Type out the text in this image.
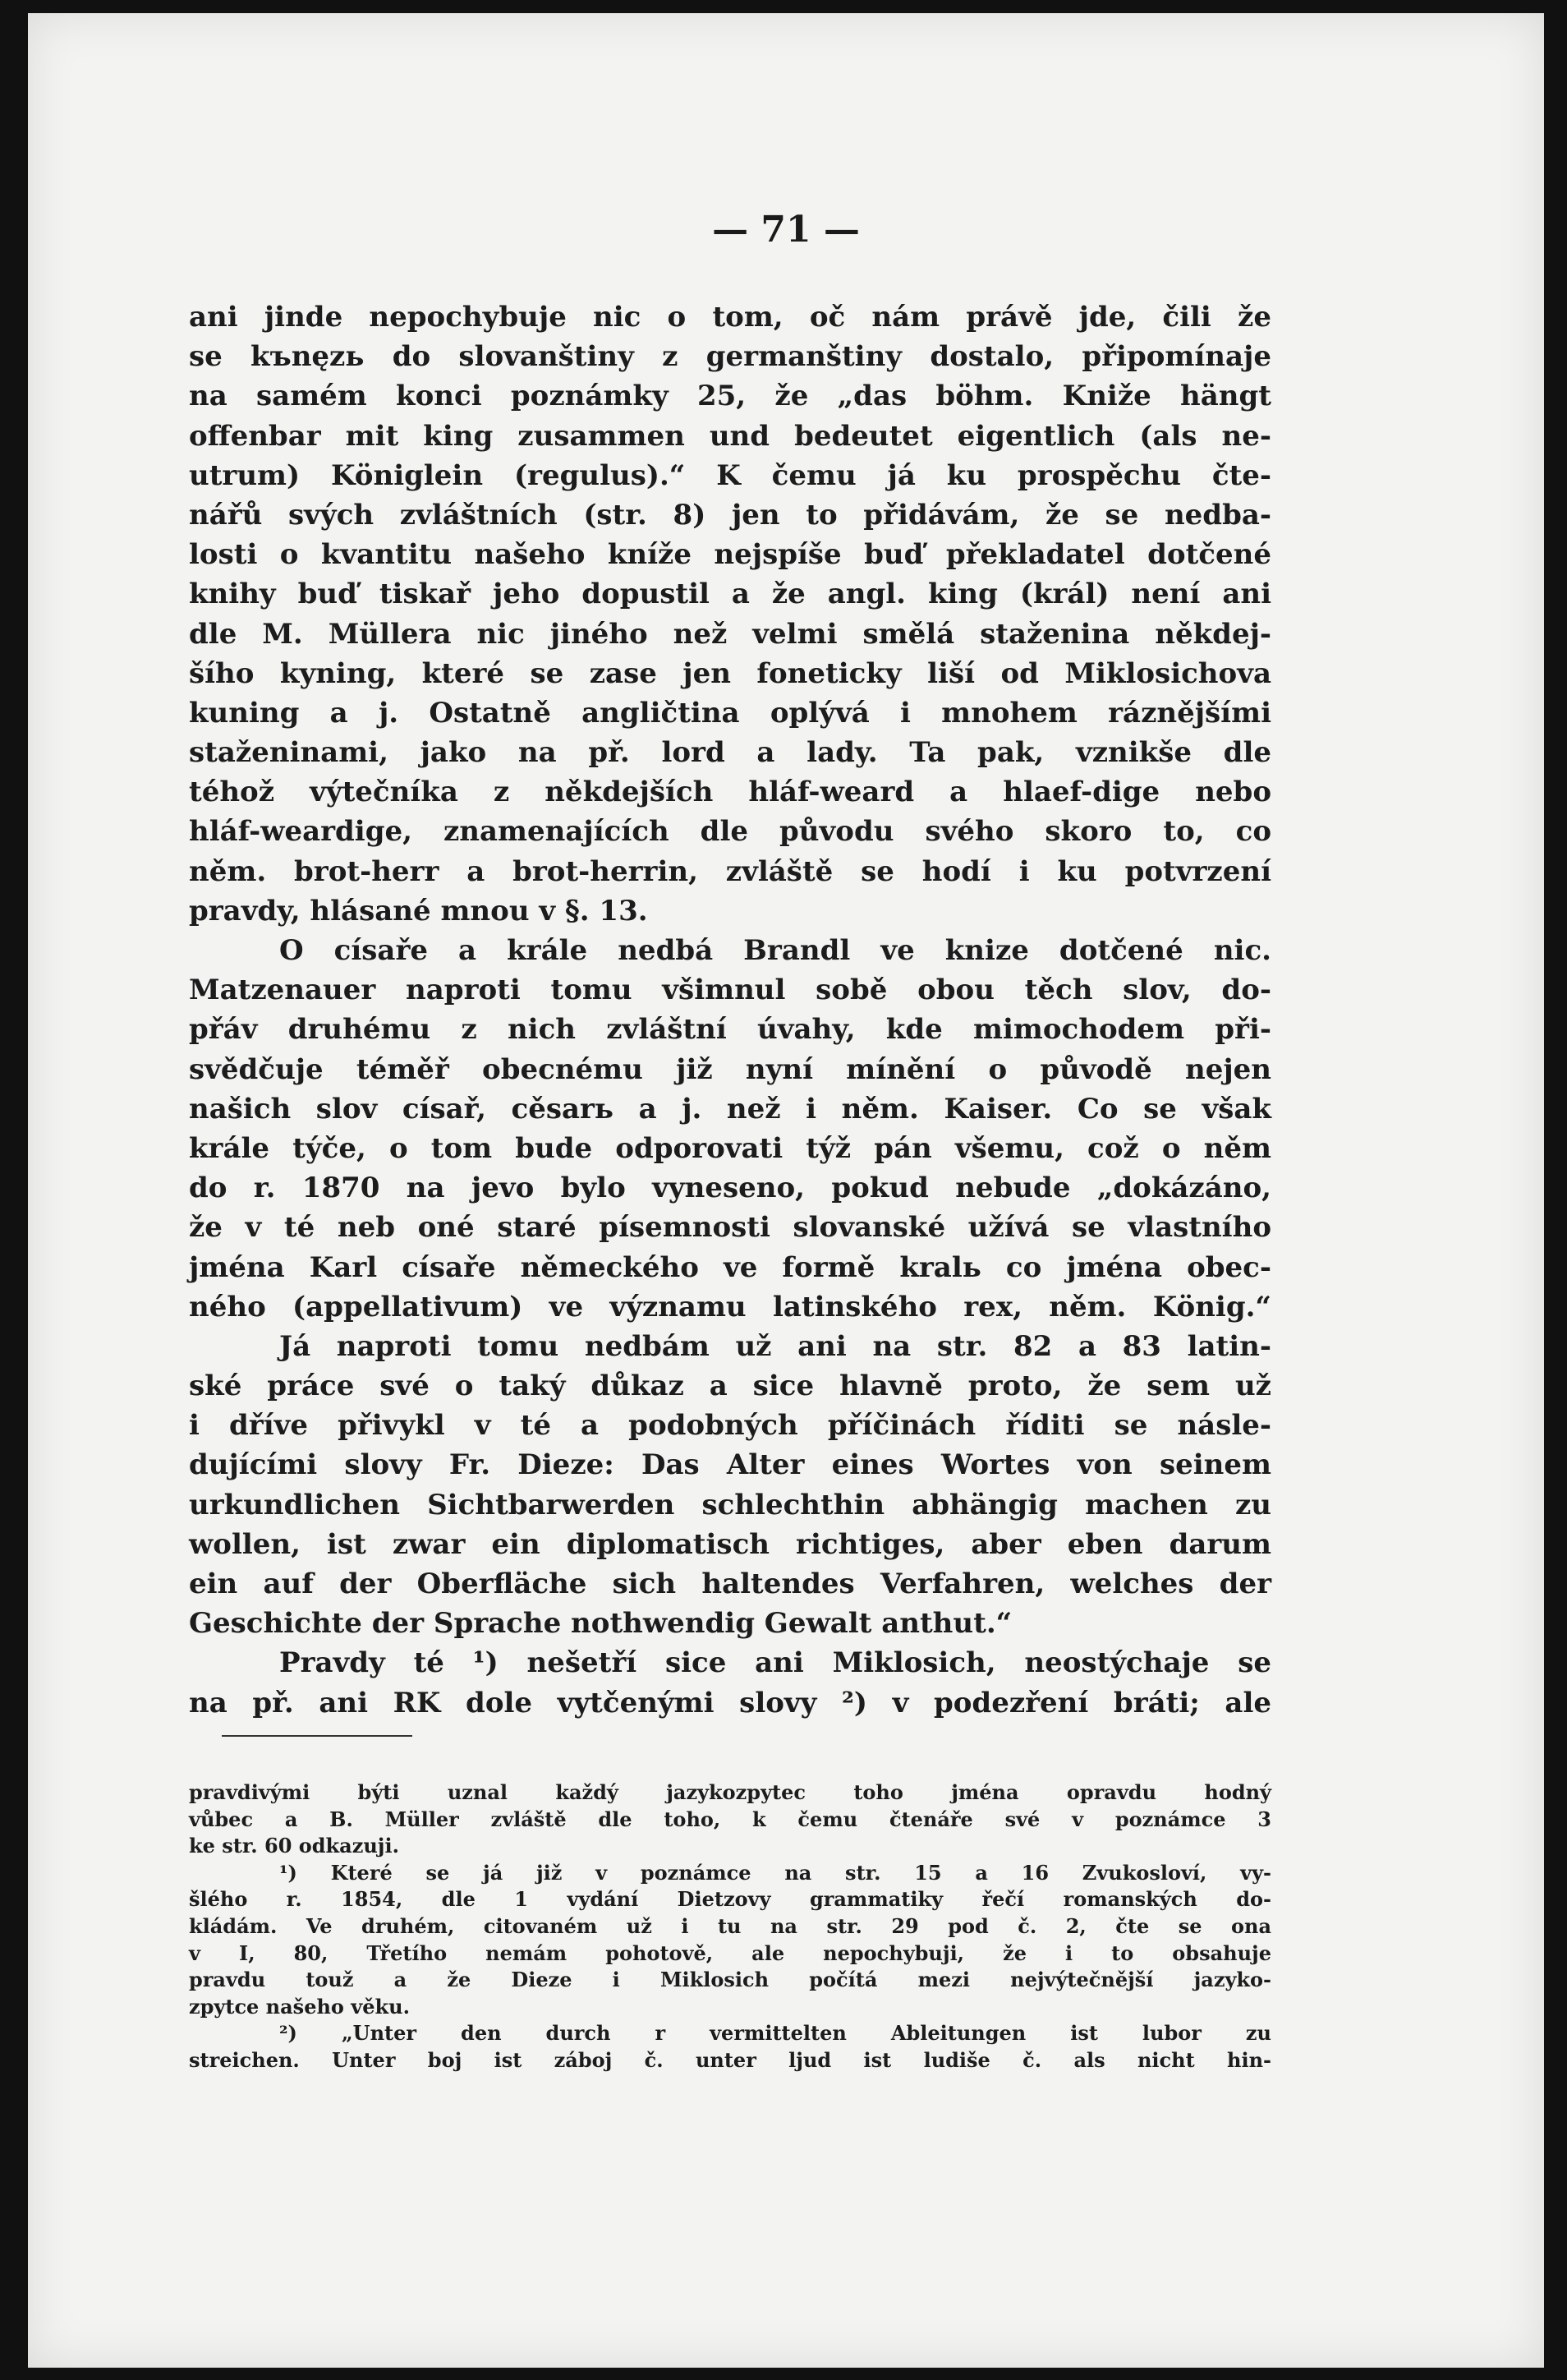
— 71 —
ani jinde nepochybuje nic o tom, oč nám právě jde, čili že
se kъnęzь do slovanštiny z germanštiny dostalo, připomínaje
na samém konci poznámky 25, že „das böhm. Kniže hängt
offenbar mit king zusammen und bedeutet eigentlich (als ne-
utrum) Königlein (regulus).“ K čemu já ku prospěchu čte-
nářů svých zvláštních (str. 8) jen to přidávám, že se nedba-
losti o kvantitu našeho kníže nejspíše buď překladatel dotčené
knihy buď tiskař jeho dopustil a že angl. king (král) není ani
dle M. Müllera nic jiného než velmi smělá staženina někdej-
šího kyning, které se zase jen foneticky liší od Miklosichova
kuning a j. Ostatně angličtina oplývá i mnohem ráznějšími
staženinami, jako na př. lord a lady. Ta pak, vznikše dle
téhož výtečníka z někdejších hláf-weard a hlaef-dige nebo
hláf-weardige, znamenajících dle původu svého skoro to, co
něm. brot-herr a brot-herrin, zvláště se hodí i ku potvrzení
pravdy, hlásané mnou v §. 13.
O císaře a krále nedbá Brandl ve knize dotčené nic.
Matzenauer naproti tomu všimnul sobě obou těch slov, do-
přáv druhému z nich zvláštní úvahy, kde mimochodem při-
svědčuje téměř obecnému již nyní mínění o původě nejen
našich slov císař, cěsarь a j. než i něm. Kaiser. Co se však
krále týče, o tom bude odporovati týž pán všemu, což o něm
do r. 1870 na jevo bylo vyneseno, pokud nebude „dokázáno,
že v té neb oné staré písemnosti slovanské užívá se vlastního
jména Karl císaře německého ve formě kralь co jména obec-
ného (appellativum) ve významu latinského rex, něm. König.“
Já naproti tomu nedbám už ani na str. 82 a 83 latin-
ské práce své o taký důkaz a sice hlavně proto, že sem už
i dříve přivykl v té a podobných příčinách říditi se násle-
dujícími slovy Fr. Dieze: Das Alter eines Wortes von seinem
urkundlichen Sichtbarwerden schlechthin abhängig machen zu
wollen, ist zwar ein diplomatisch richtiges, aber eben darum
ein auf der Oberfläche sich haltendes Verfahren, welches der
Geschichte der Sprache nothwendig Gewalt anthut.“
Pravdy té ¹) nešetří sice ani Miklosich, neostýchaje se
na př. ani RK dole vytčenými slovy ²) v podezření bráti; ale
pravdivými býti uznal každý jazykozpytec toho jména opravdu hodný
vůbec a B. Müller zvláště dle toho, k čemu čtenáře své v poznámce 3
ke str. 60 odkazuji.
¹) Které se já již v poznámce na str. 15 a 16 Zvukosloví, vy-
šlého r. 1854, dle 1 vydání Dietzovy grammatiky řečí romanských do-
kládám. Ve druhém, citovaném už i tu na str. 29 pod č. 2, čte se ona
v I, 80, Třetího nemám pohotově, ale nepochybuji, že i to obsahuje
pravdu touž a že Dieze i Miklosich počítá mezi nejvýtečnější jazyko-
zpytce našeho věku.
²) „Unter den durch r vermittelten Ableitungen ist lubor zu
streichen. Unter boj ist záboj č. unter ljud ist ludiše č. als nicht hin-
